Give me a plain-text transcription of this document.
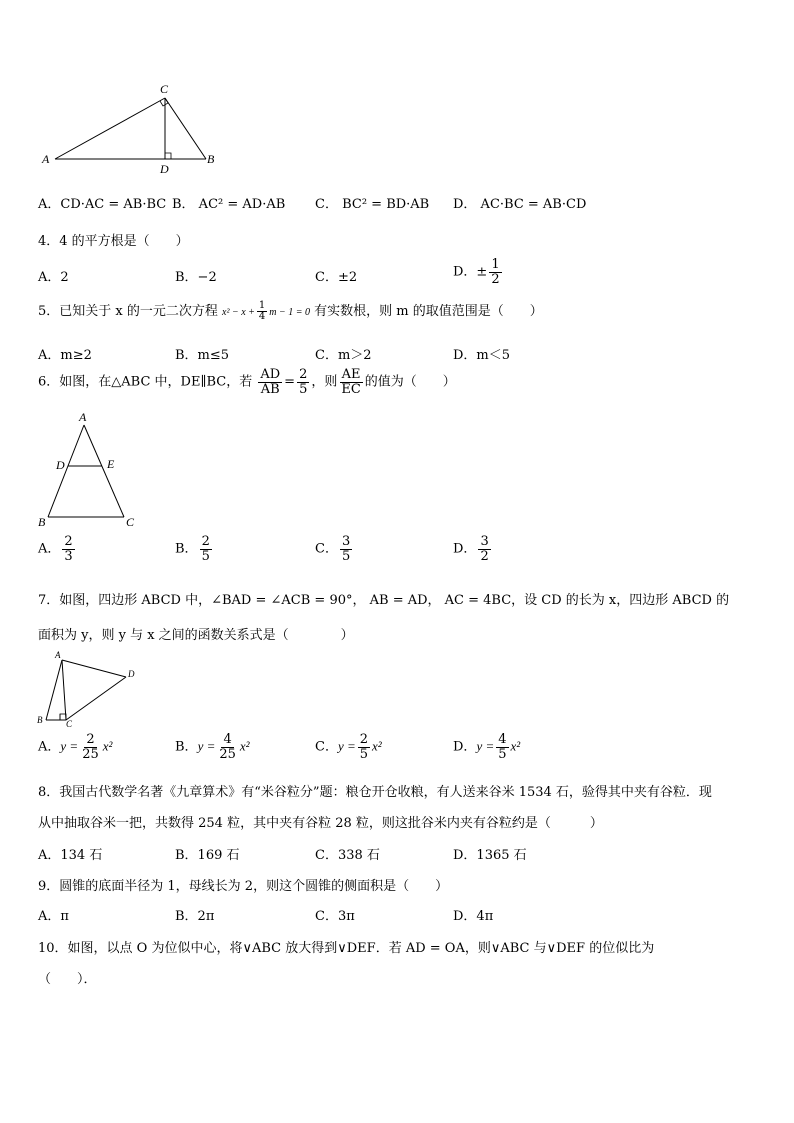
C
A	B
D
A．CD·AC = AB·BC B． AC² = AD·AB C． BC² = BD·AB D． AC·BC = AB·CD
4．4 的平方根是（　　）
A．2	B．−2	C．±2	D．± $\frac{1}{2}$
5．已知关于 x 的一元二次方程 $x^2 - x + \frac{1}{4}$ m − 1 = 0 有实数根，则 m 的取值范围是（　　）
A．m≥2	B．m≤5	C．m＞2	D．m＜5
6．如图，在△ABC 中，DE∥BC，若 $\frac{AD}{AB} = \frac{2}{5}$ ，则 $\frac{AE}{EC}$ 的值为（　　）
A
D	E
B	C
A． $\frac{2}{3}$	B． $\frac{2}{5}$	C． $\frac{3}{5}$	D． $\frac{3}{2}$
7．如图，四边形 ABCD 中，∠BAD = ∠ACB = 90°， AB = AD， AC = 4BC，设 CD 的长为 x，四边形 ABCD 的
面积为 y，则 y 与 x 之间的函数关系式是（　　　　）
A
D
B	C
A．$y = \frac{2}{25} x^2$	B．$y = \frac{4}{25} x^2$	C．$y = \frac{2}{5} x^2$	D．$y = \frac{4}{5} x^2$
8．我国古代数学名著《九章算术》有“米谷粒分”题：粮仓开仓收粮，有人送来谷米 1534 石，验得其中夹有谷粒．现
从中抽取谷米一把，共数得 254 粒，其中夹有谷粒 28 粒，则这批谷米内夹有谷粒约是（　　　）
A．134 石	B．169 石	C．338 石	D．1365 石
9．圆锥的底面半径为 1，母线长为 2，则这个圆锥的侧面积是（　　）
A．π	B．2π	C．3π	D．4π
10．如图，以点 O 为位似中心，将∨ABC 放大得到∨DEF．若 AD = OA，则∨ABC 与∨DEF 的位似比为
（　　）．
